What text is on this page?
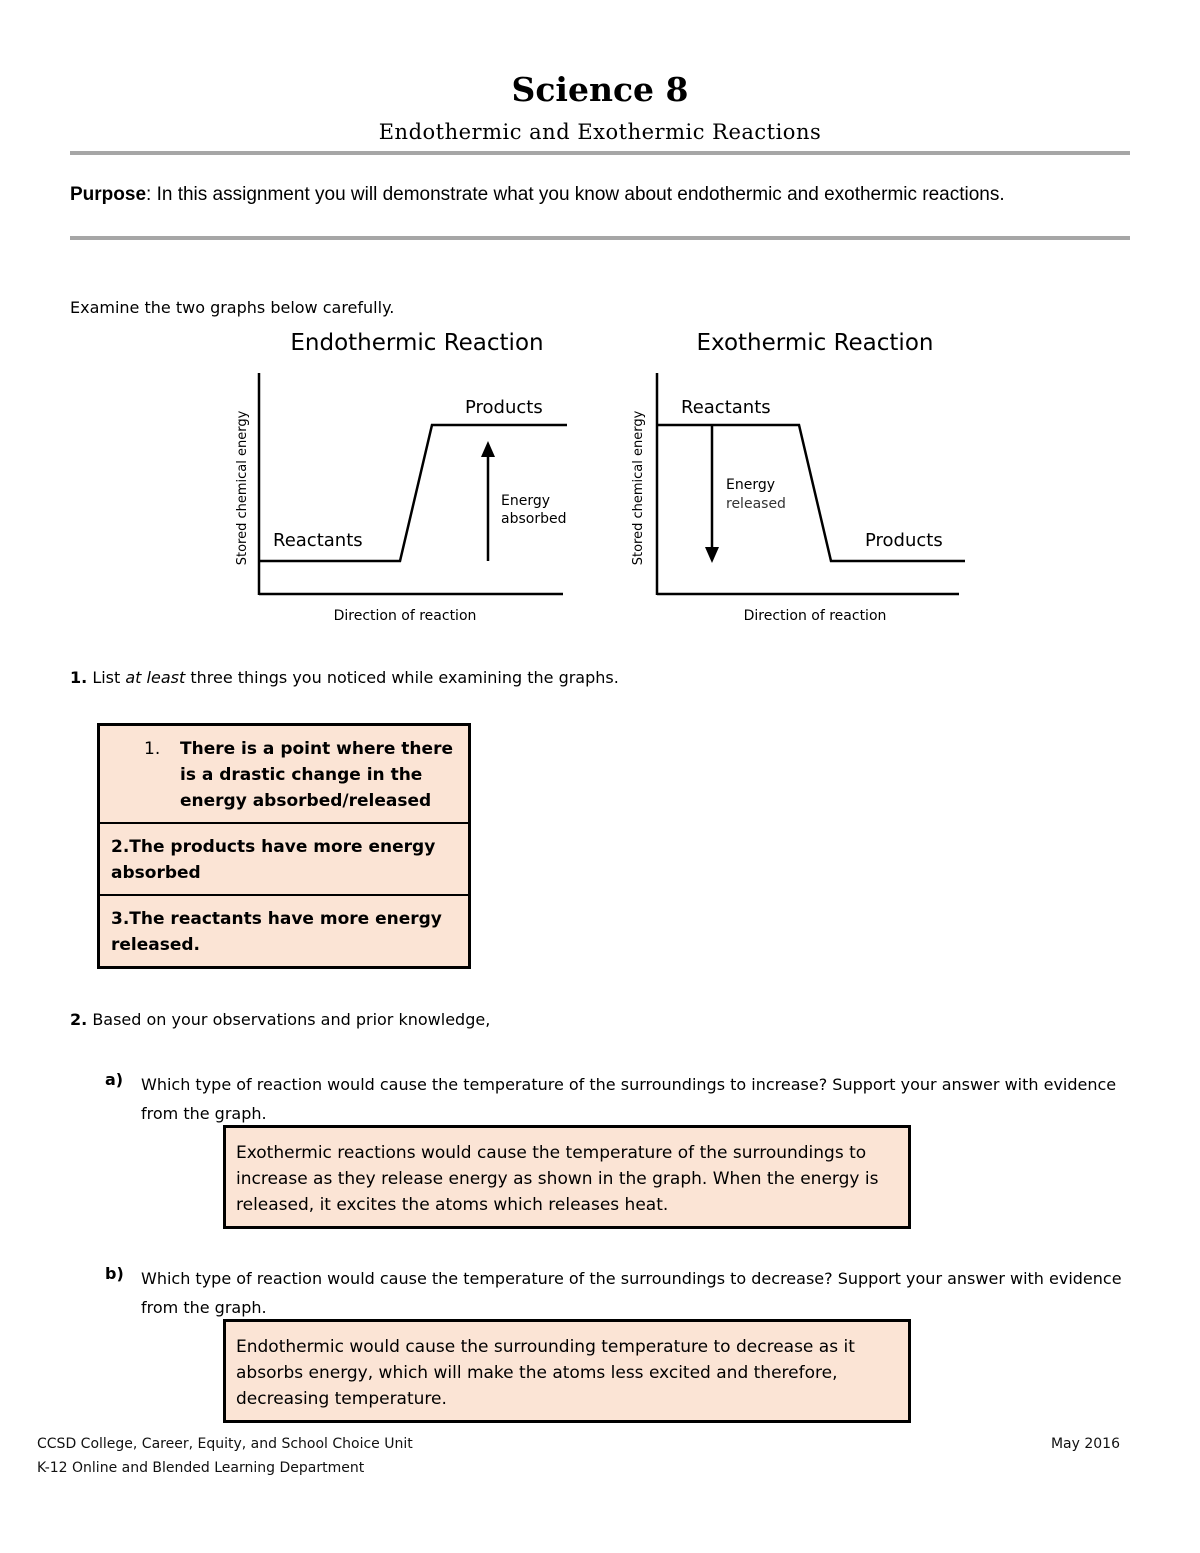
Science 8
Endothermic and Exothermic Reactions
Purpose: In this assignment you will demonstrate what you know about endothermic and exothermic reactions.
Examine the two graphs below carefully.
Endothermic Reaction
Stored chemical energy
Direction of reaction
Reactants
Products
Energy
absorbed
Exothermic Reaction
Stored chemical energy
Direction of reaction
Reactants
Products
Energy
released
1. List at least three things you noticed while examining the graphs.
1.	There is a point where there is a drastic change in the energy absorbed/released
2.The products have more energy absorbed
3.The reactants have more energy released.
2. Based on your observations and prior knowledge,
a) Which type of reaction would cause the temperature of the surroundings to increase? Support your answer with evidence from the graph.
Exothermic reactions would cause the temperature of the surroundings to increase as they release energy as shown in the graph. When the energy is released, it excites the atoms which releases heat.
b) Which type of reaction would cause the temperature of the surroundings to decrease? Support your answer with evidence from the graph.
Endothermic would cause the surrounding temperature to decrease as it absorbs energy, which will make the atoms less excited and therefore, decreasing temperature.
CCSD College, Career, Equity, and School Choice Unit
K-12 Online and Blended Learning Department
May 2016
